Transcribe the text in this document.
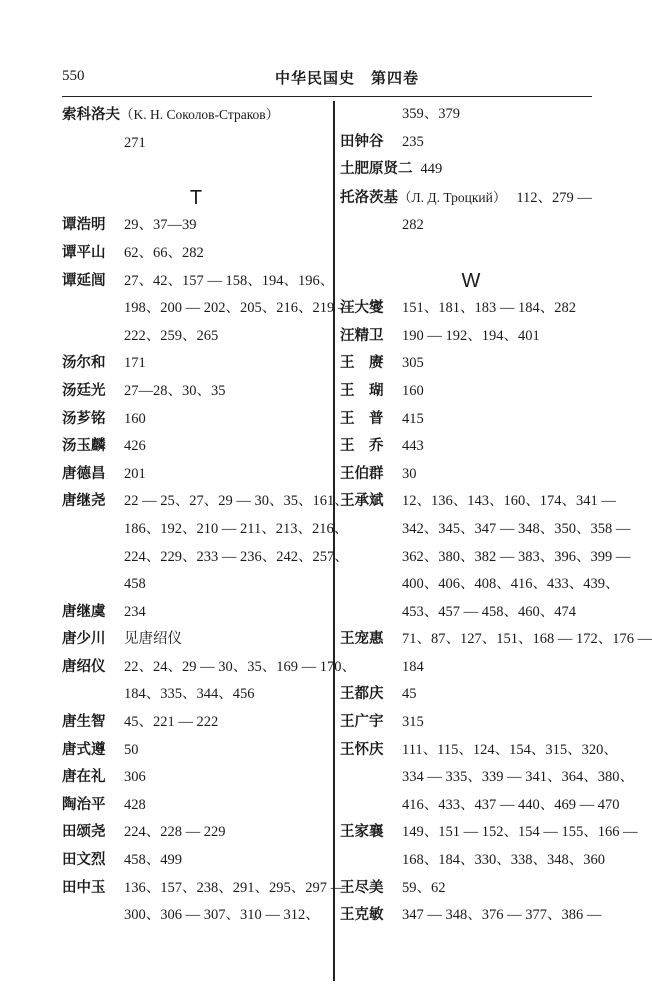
550	中华民国史　第四卷
索科洛夫（K. H. Соколов-Страков）
271
T
谭浩明 29、37—39
谭平山 62、66、282
谭延闿 27、42、157 — 158、194、196、
198、200 — 202、205、216、219 —
222、259、265
汤尔和 171
汤廷光 27—28、30、35
汤芗铭 160
汤玉麟 426
唐德昌 201
唐继尧 22 — 25、27、29 — 30、35、161、
186、192、210 — 211、213、216、
224、229、233 — 236、242、257、
458
唐继虞 234
唐少川 见唐绍仪
唐绍仪 22、24、29 — 30、35、169 — 170、
184、335、344、456
唐生智 45、221 — 222
唐式遵 50
唐在礼 306
陶治平 428
田颂尧 224、228 — 229
田文烈 458、499
田中玉 136、157、238、291、295、297 —
300、306 — 307、310 — 312、
359、379
田钟谷 235
土肥原贤二 449
托洛茨基（Л. Д. Троцкий） 112、279 —
282
W
汪大燮 151、181、183 — 184、282
汪精卫 190 — 192、194、401
王　赓 305
王　瑚 160
王　普 415
王　乔 443
王伯群 30
王承斌 12、136、143、160、174、341 —
342、345、347 — 348、350、358 —
362、380、382 — 383、396、399 —
400、406、408、416、433、439、
453、457 — 458、460、474
王宠惠 71、87、127、151、168 — 172、176 —
184
王都庆 45
王广宇 315
王怀庆 111、115、124、154、315、320、
334 — 335、339 — 341、364、380、
416、433、437 — 440、469 — 470
王家襄 149、151 — 152、154 — 155、166 —
168、184、330、338、348、360
王尽美 59、62
王克敏 347 — 348、376 — 377、386 —
